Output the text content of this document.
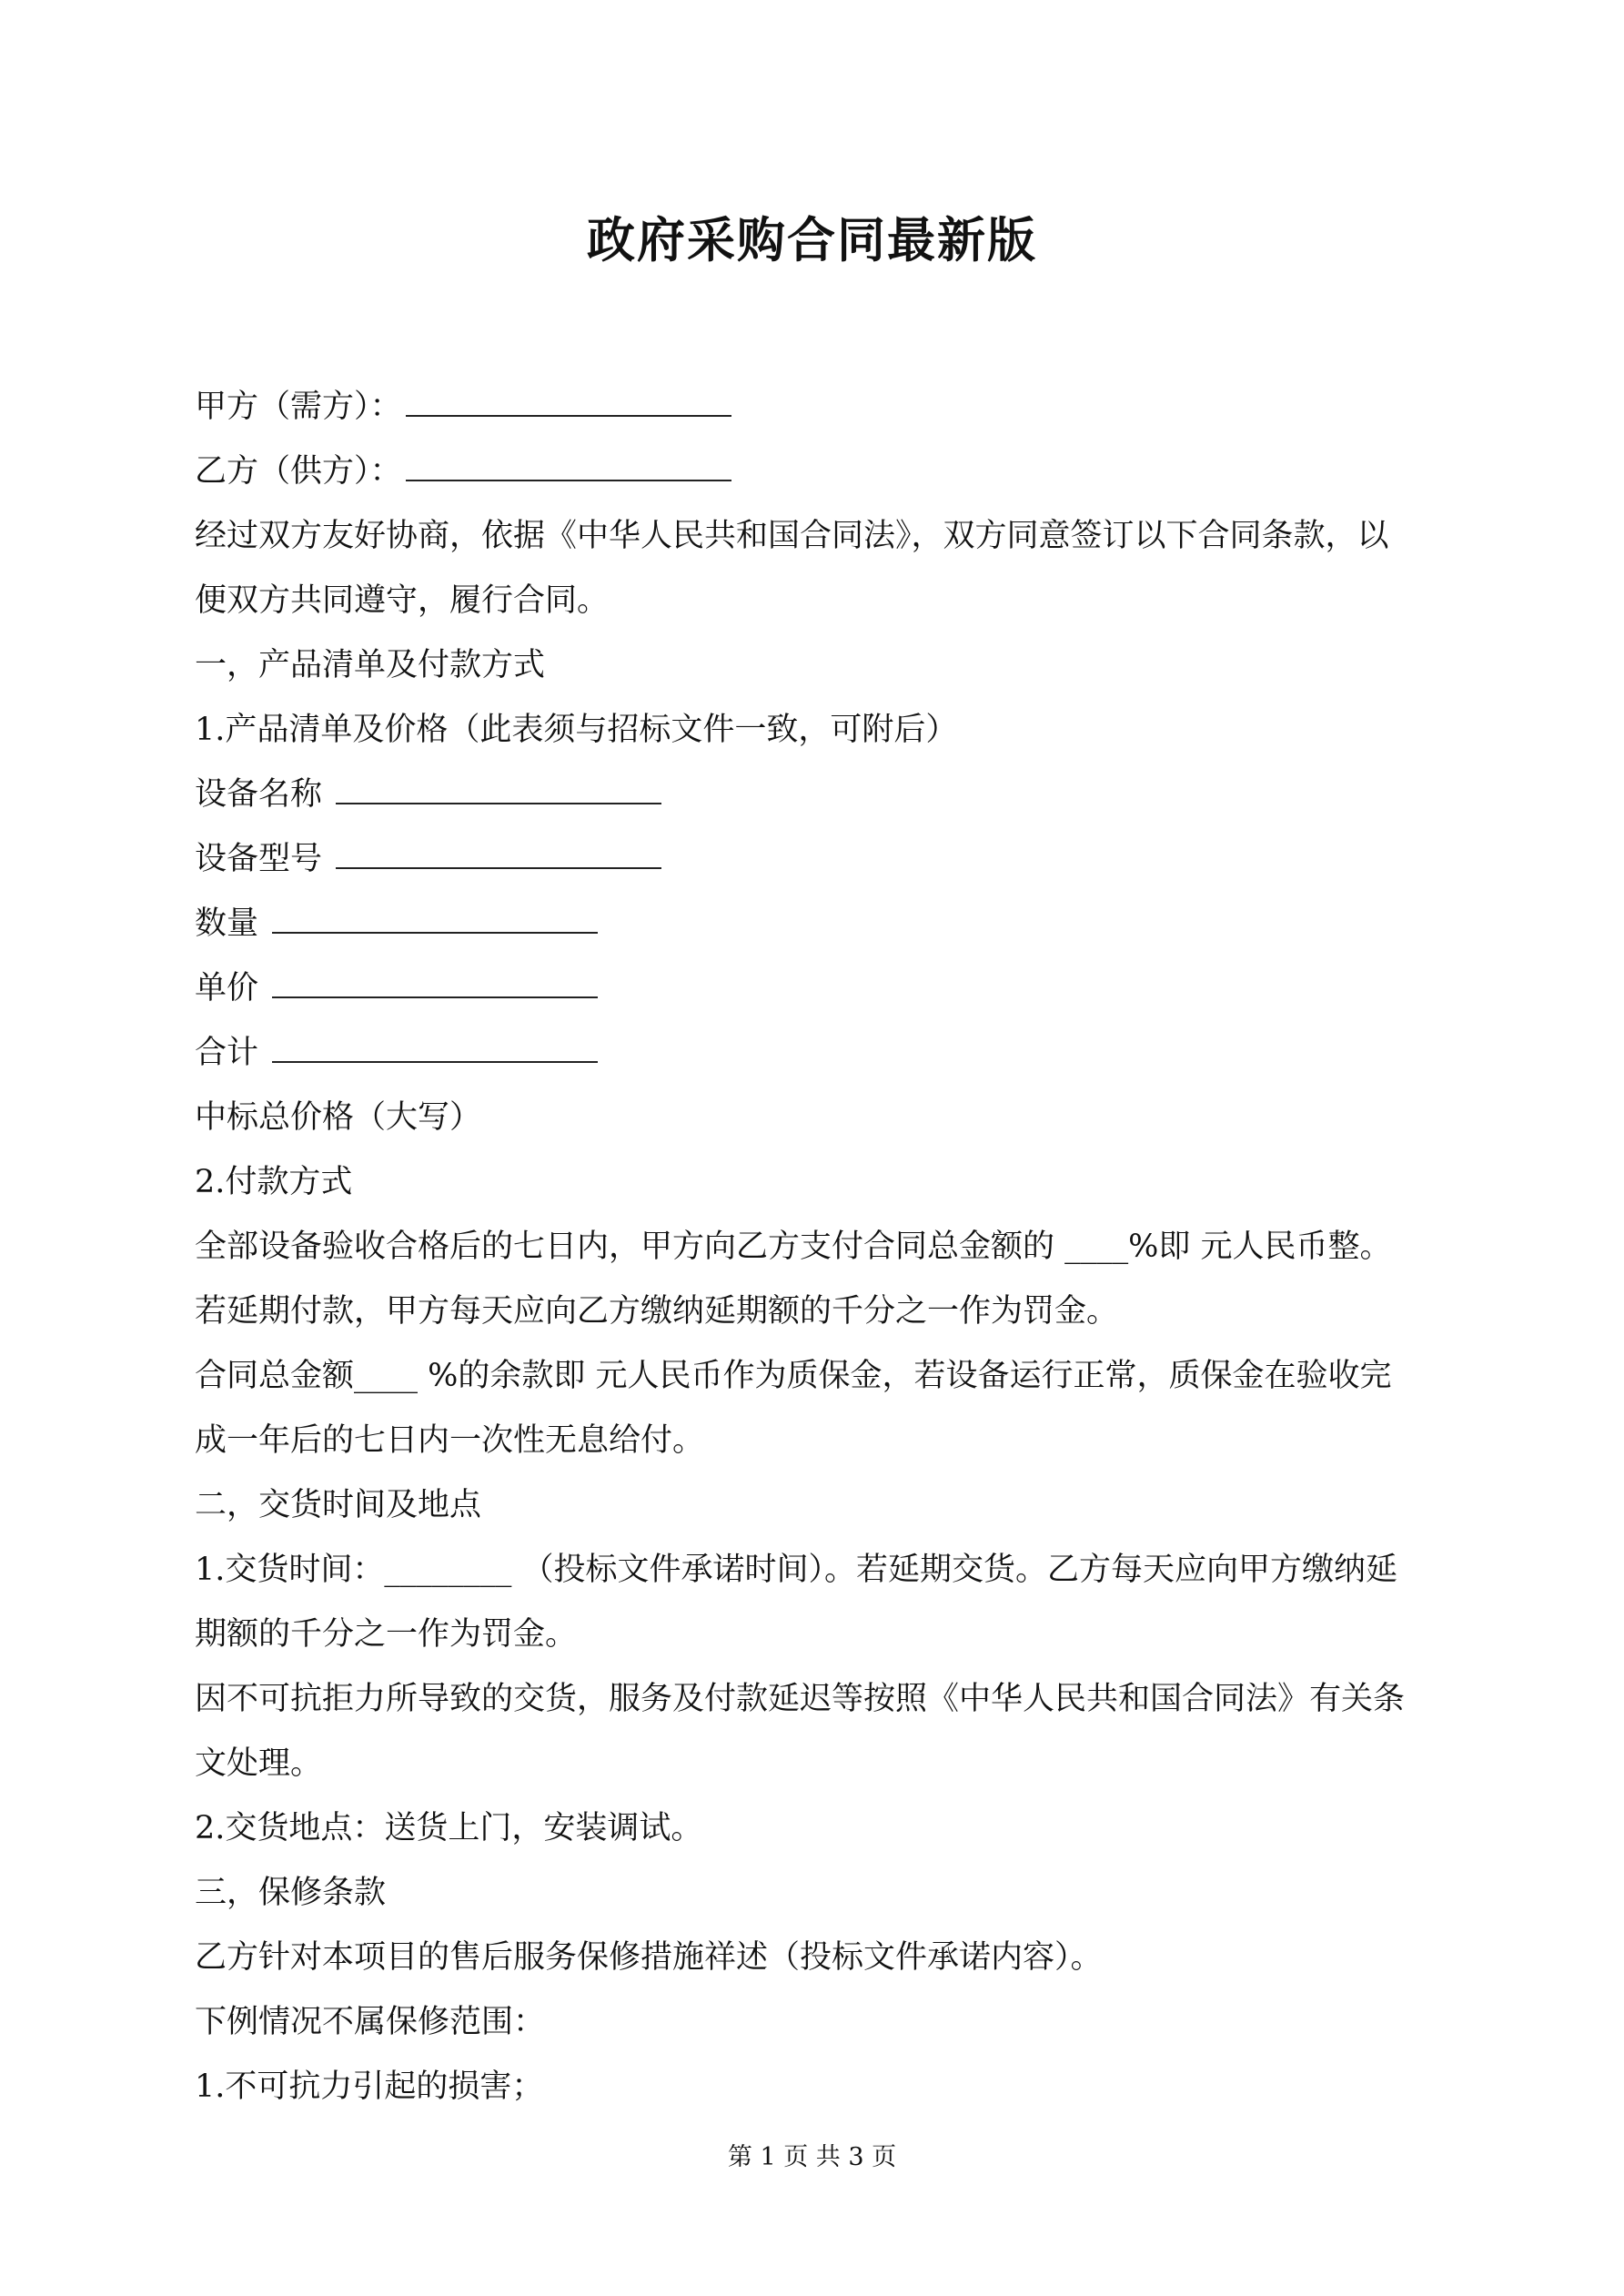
政府采购合同最新版
甲方（需方）：
乙方（供方）：
经过双方友好协商，依据《中华人民共和国合同法》，双方同意签订以下合同条款，以
便双方共同遵守，履行合同。
一，产品清单及付款方式
1.产品清单及价格（此表须与招标文件一致，可附后）
设备名称
设备型号
数量
单价
合计
中标总价格（大写）
2.付款方式
全部设备验收合格后的七日内，甲方向乙方支付合同总金额的 ____%即 元人民币整。
若延期付款，甲方每天应向乙方缴纳延期额的千分之一作为罚金。
合同总金额____ %的余款即 元人民币作为质保金，若设备运行正常，质保金在验收完
成一年后的七日内一次性无息给付。
二，交货时间及地点
1.交货时间：________ （投标文件承诺时间）。若延期交货。乙方每天应向甲方缴纳延
期额的千分之一作为罚金。
因不可抗拒力所导致的交货，服务及付款延迟等按照《中华人民共和国合同法》有关条
文处理。
2.交货地点：送货上门，安装调试。
三，保修条款
乙方针对本项目的售后服务保修措施祥述（投标文件承诺内容）。
下例情况不属保修范围：
1.不可抗力引起的损害；
第 1 页 共 3 页
